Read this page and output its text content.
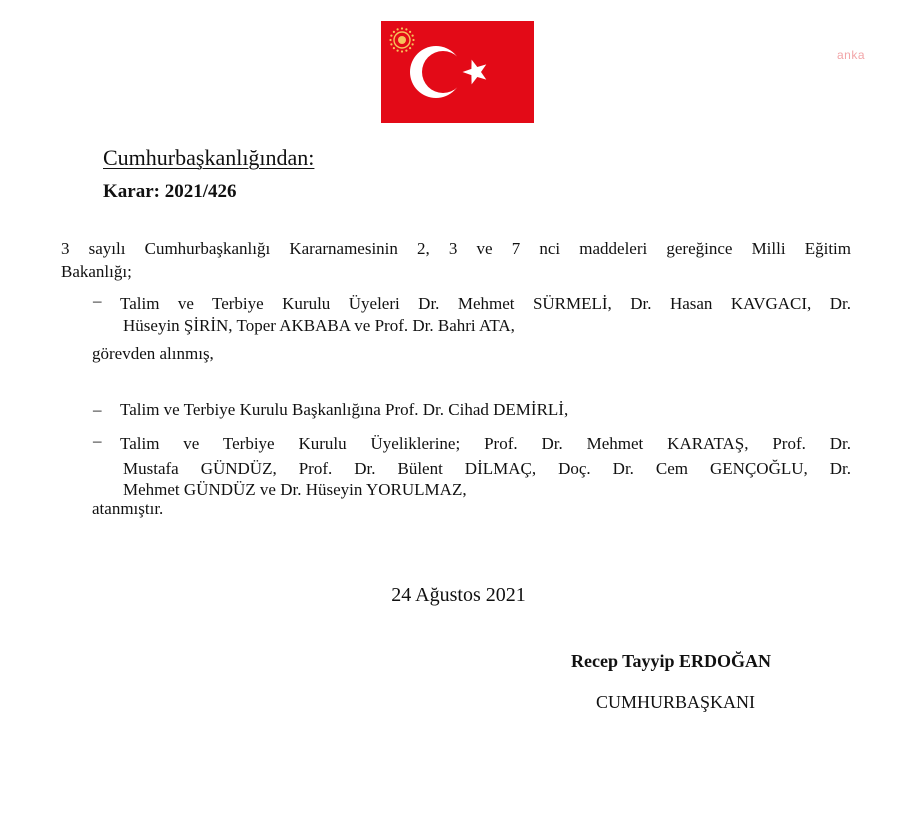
anka
Cumhurbaşkanlığından:
Karar: 2021/426
3 sayılı Cumhurbaşkanlığı Kararnamesinin 2, 3 ve 7 nci maddeleri gereğince Milli Eğitim
Bakanlığı;
– Talim ve Terbiye Kurulu Üyeleri Dr. Mehmet SÜRMELİ, Dr. Hasan KAVGACI, Dr.
Hüseyin ŞİRİN, Toper AKBABA ve Prof. Dr. Bahri ATA,
görevden alınmış,
– Talim ve Terbiye Kurulu Başkanlığına Prof. Dr. Cihad DEMİRLİ,
– Talim ve Terbiye Kurulu Üyeliklerine; Prof. Dr. Mehmet KARATAŞ, Prof. Dr.
Mustafa GÜNDÜZ, Prof. Dr. Bülent DİLMAÇ, Doç. Dr. Cem GENÇOĞLU, Dr.
Mehmet GÜNDÜZ ve Dr. Hüseyin YORULMAZ,
atanmıştır.
24 Ağustos 2021
Recep Tayyip ERDOĞAN
CUMHURBAŞKANI
